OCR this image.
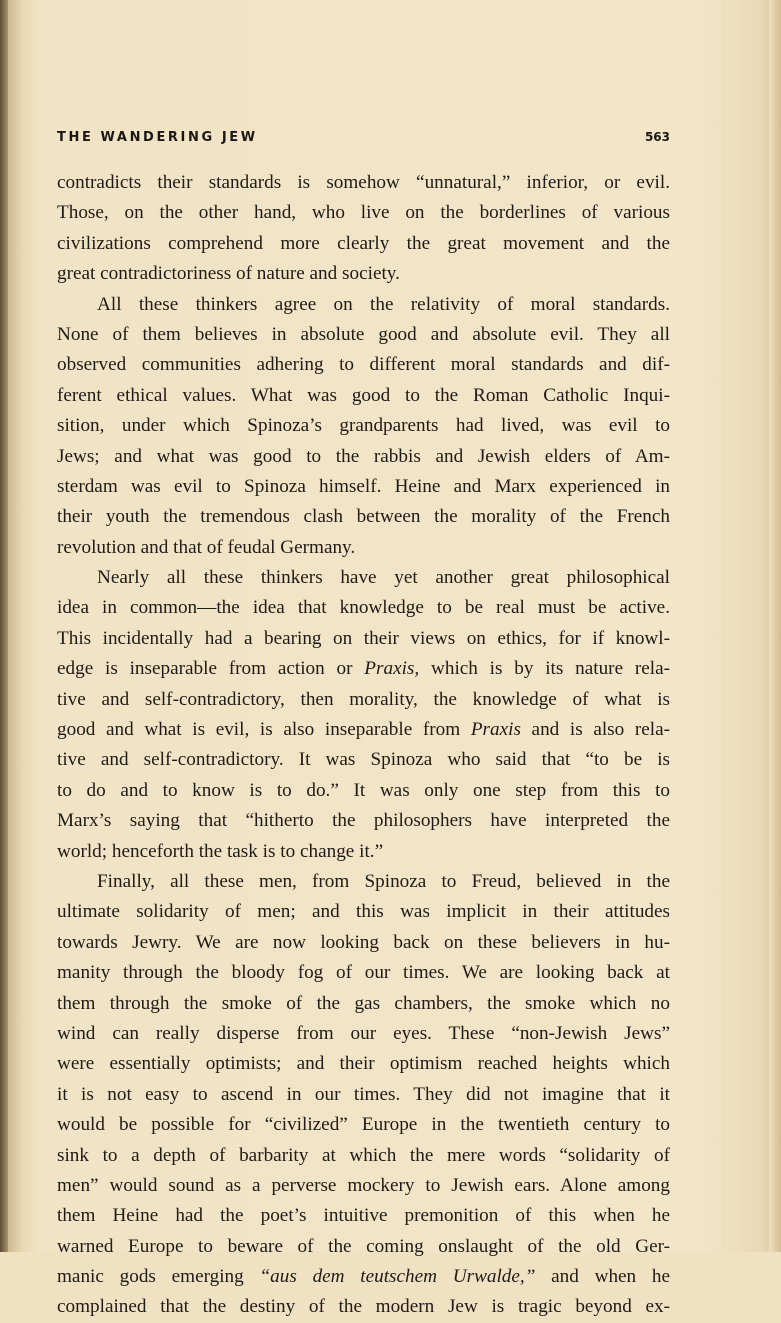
THE WANDERING JEW	563

contradicts their standards is somehow “unnatural,” inferior, or evil.
Those, on the other hand, who live on the borderlines of various
civilizations comprehend more clearly the great movement and the
great contradictoriness of nature and society.

All these thinkers agree on the relativity of moral standards.
None of them believes in absolute good and absolute evil. They all
observed communities adhering to different moral standards and dif-
ferent ethical values. What was good to the Roman Catholic Inqui-
sition, under which Spinoza’s grandparents had lived, was evil to
Jews; and what was good to the rabbis and Jewish elders of Am-
sterdam was evil to Spinoza himself. Heine and Marx experienced in
their youth the tremendous clash between the morality of the French
revolution and that of feudal Germany.

Nearly all these thinkers have yet another great philosophical
idea in common—the idea that knowledge to be real must be active.
This incidentally had a bearing on their views on ethics, for if knowl-
edge is inseparable from action or Praxis, which is by its nature rela-
tive and self-contradictory, then morality, the knowledge of what is
good and what is evil, is also inseparable from Praxis and is also rela-
tive and self-contradictory. It was Spinoza who said that “to be is
to do and to know is to do.” It was only one step from this to
Marx’s saying that “hitherto the philosophers have interpreted the
world; henceforth the task is to change it.”

Finally, all these men, from Spinoza to Freud, believed in the
ultimate solidarity of men; and this was implicit in their attitudes
towards Jewry. We are now looking back on these believers in hu-
manity through the bloody fog of our times. We are looking back at
them through the smoke of the gas chambers, the smoke which no
wind can really disperse from our eyes. These “non-Jewish Jews”
were essentially optimists; and their optimism reached heights which
it is not easy to ascend in our times. They did not imagine that it
would be possible for “civilized” Europe in the twentieth century to
sink to a depth of barbarity at which the mere words “solidarity of
men” would sound as a perverse mockery to Jewish ears. Alone among
them Heine had the poet’s intuitive premonition of this when he
warned Europe to beware of the coming onslaught of the old Ger-
manic gods emerging “aus dem teutschem Urwalde,” and when he
complained that the destiny of the modern Jew is tragic beyond ex-
